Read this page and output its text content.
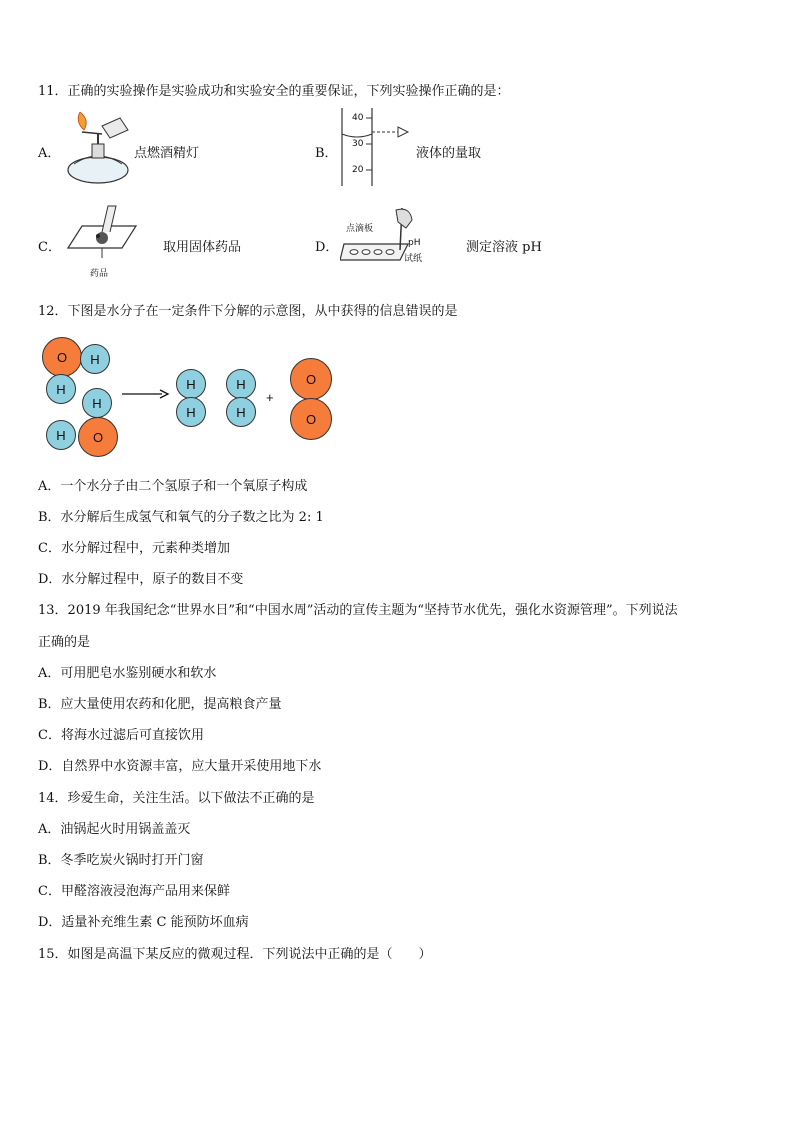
11．正确的实验操作是实验成功和实验安全的重要保证，下列实验操作正确的是：
A．	点燃酒精灯	B．
40
30
20
液体的量取
C．
药品
取用固体药品	D．
点滴板
pH
试纸
测定溶液 pH
12．下图是水分子在一定条件下分解的示意图，从中获得的信息错误的是
O	H
H
H
H	O
H
H
H
H
+
O
O
A．一个水分子由二个氢原子和一个氧原子构成
B．水分解后生成氢气和氧气的分子数之比为 2: 1
C．水分解过程中，元素种类增加
D．水分解过程中，原子的数目不变
13．2019 年我国纪念“世界水日”和“中国水周”活动的宣传主题为“坚持节水优先，强化水资源管理”。下列说法
正确的是
A．可用肥皂水鉴别硬水和软水
B．应大量使用农药和化肥，提高粮食产量
C．将海水过滤后可直接饮用
D．自然界中水资源丰富，应大量开采使用地下水
14．珍爱生命，关注生活。以下做法不正确的是
A．油锅起火时用锅盖盖灭
B．冬季吃炭火锅时打开门窗
C．甲醛溶液浸泡海产品用来保鲜
D．适量补充维生素 C 能预防坏血病
15．如图是高温下某反应的微观过程．下列说法中正确的是（　　）
